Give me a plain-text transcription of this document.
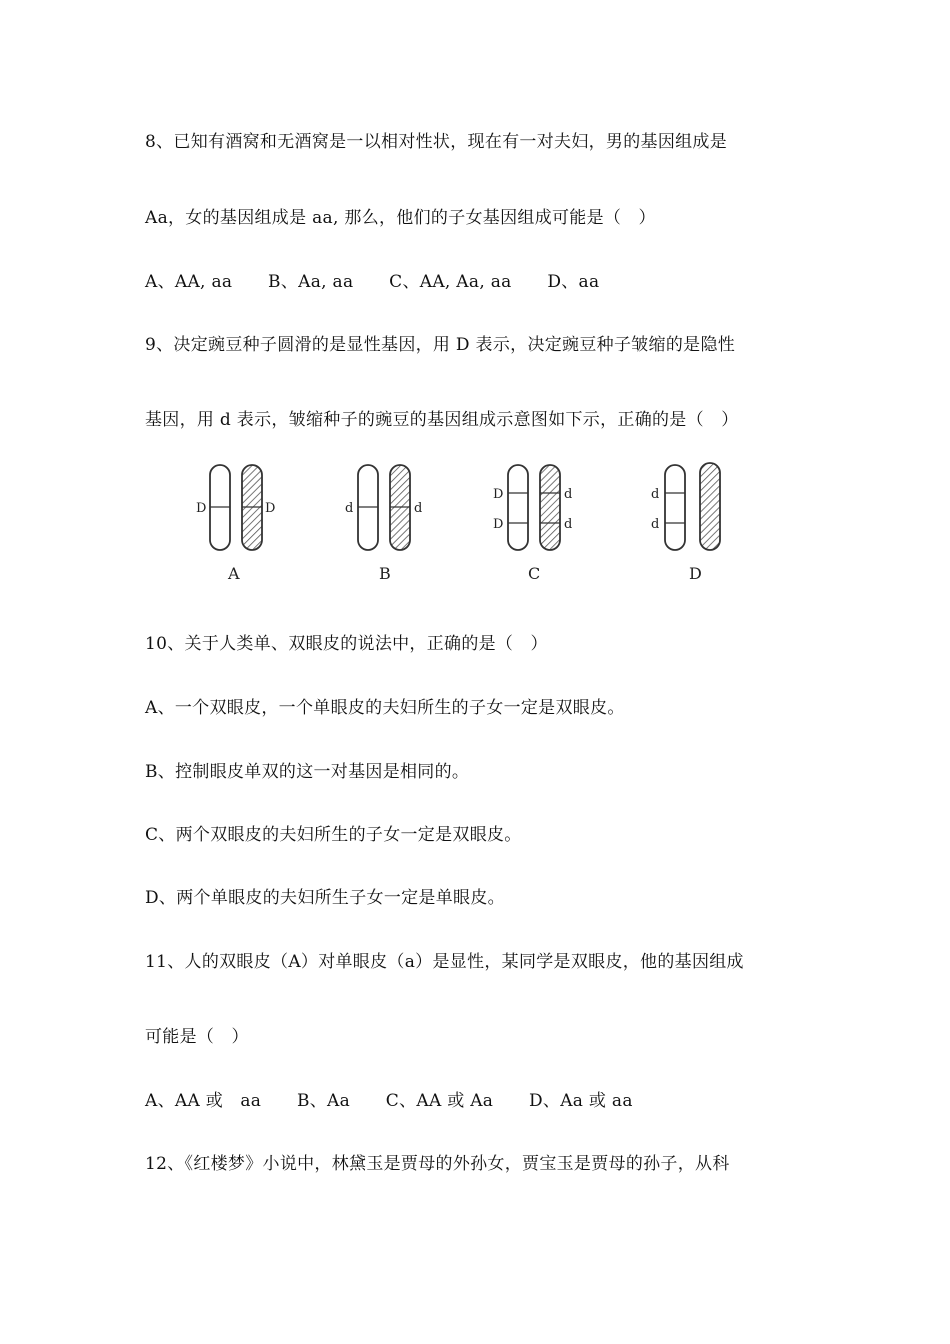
8、已知有酒窝和无酒窝是一以相对性状，现在有一对夫妇，男的基因组成是
Aa，女的基因组成是 aa, 那么，他们的子女基因组成可能是（　）
A、AA, aa B、Aa, aa C、AA, Aa, aa D、aa
9、决定豌豆种子圆滑的是显性基因，用 D 表示，决定豌豆种子皱缩的是隐性
基因，用 d 表示，皱缩种子的豌豆的基因组成示意图如下示，正确的是（　）
D	D
A
d	d
B
D
D
d
d
C
d
d
D
10、关于人类单、双眼皮的说法中，正确的是（　）
A、一个双眼皮，一个单眼皮的夫妇所生的子女一定是双眼皮。
B、控制眼皮单双的这一对基因是相同的。
C、两个双眼皮的夫妇所生的子女一定是双眼皮。
D、两个单眼皮的夫妇所生子女一定是单眼皮。
11、人的双眼皮（A）对单眼皮（a）是显性，某同学是双眼皮，他的基因组成
可能是（　）
A、AA 或　aa B、Aa C、AA 或 Aa D、Aa 或 aa
12、《红楼梦》小说中，林黛玉是贾母的外孙女，贾宝玉是贾母的孙子，从科
